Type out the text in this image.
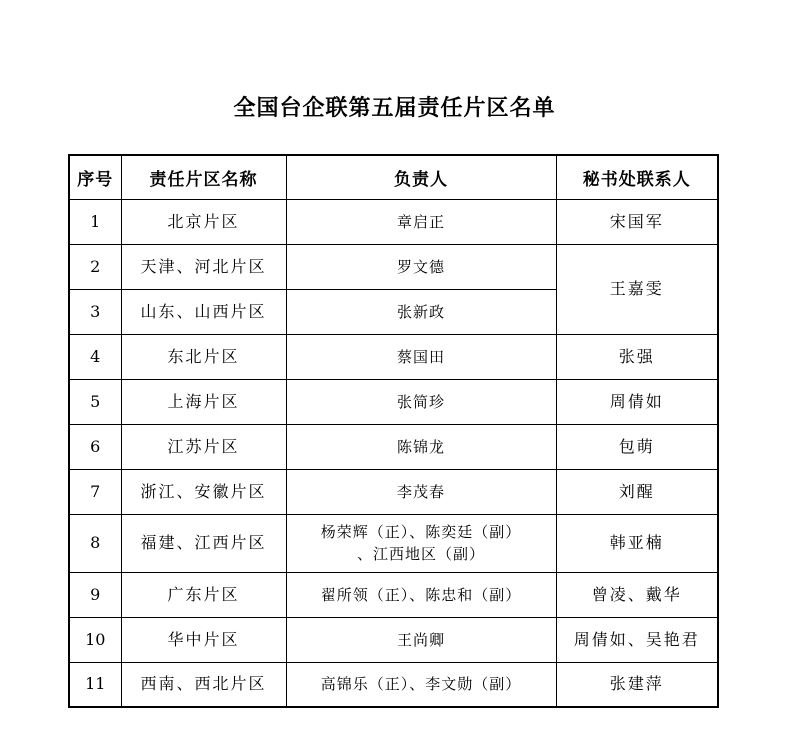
全国台企联第五届责任片区名单
序号	责任片区名称	负责人	秘书处联系人
1	北京片区	章启正	宋国军
2	天津、河北片区	罗文德	王嘉雯
3	山东、山西片区	张新政	

4	东北片区	蔡国田	张强
5	上海片区	张简珍	周倩如
6	江苏片区	陈锦龙	包萌
7	浙江、安徽片区	李茂春	刘醒
8	福建、江西片区	杨荣辉（正）、陈奕廷（副）
、江西地区（副）	韩亚楠
9	广东片区	翟所领（正）、陈忠和（副）	曾凌、戴华
10	华中片区	王尚卿	周倩如、吴艳君
11	西南、西北片区	高锦乐（正）、李文勋（副）	张建萍
